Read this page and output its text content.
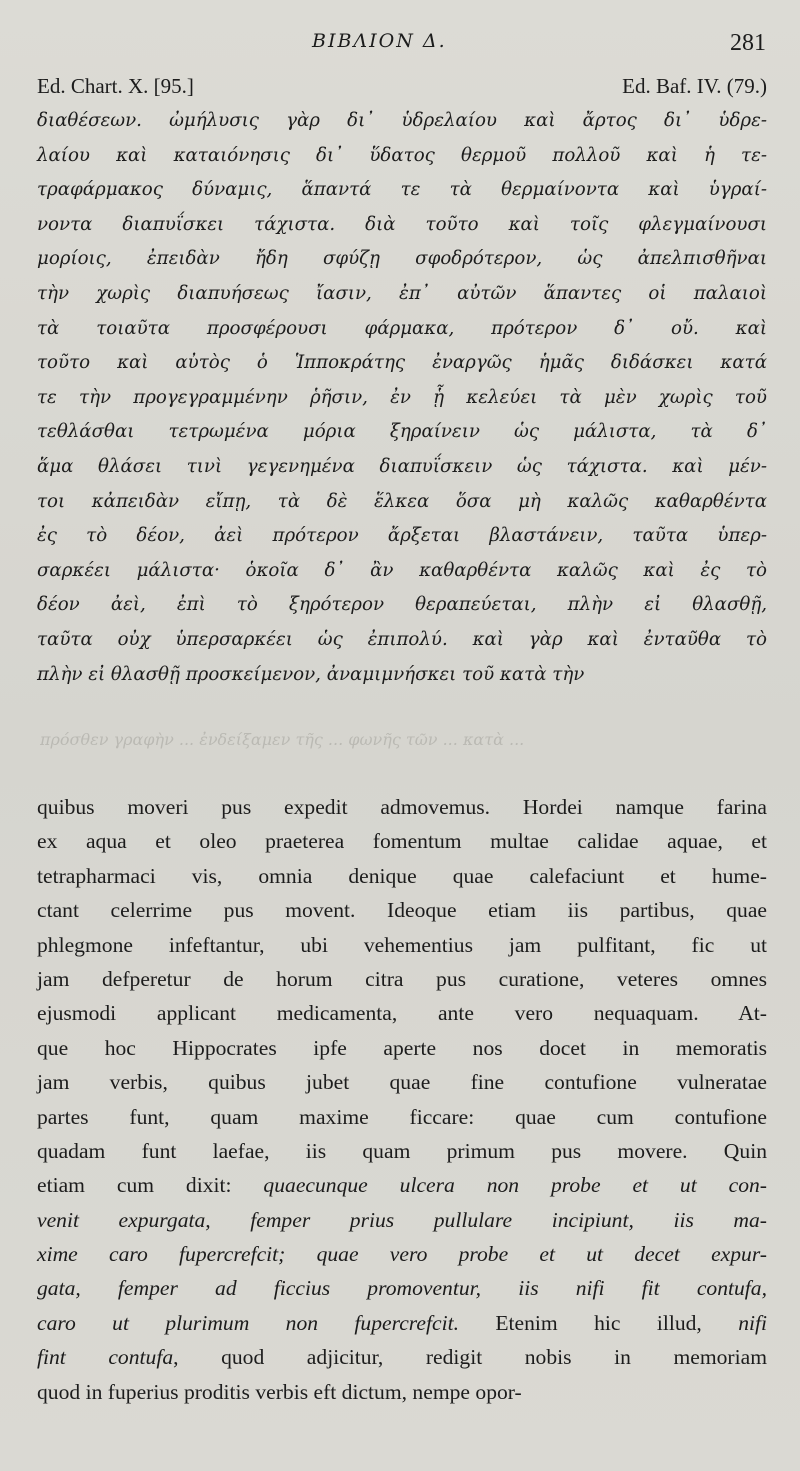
ΒΙΒΛΙΟΝ Δ.	281
Ed. Chart. X. [95.]	Ed. Baf. IV. (79.)
διαθέσεων. ὠμήλυσις γὰρ δι᾽ ὑδρελαίου καὶ ἄρτος δι᾽ ὑδρε-
λαίου καὶ καταιόνησις δι᾽ ὕδατος θερμοῦ πολλοῦ καὶ ἡ τε-
τραφάρμακος δύναμις, ἅπαντά τε τὰ θερμαίνοντα καὶ ὑγραί-
νοντα διαπυΐσκει τάχιστα. διὰ τοῦτο καὶ τοῖς φλεγμαίνουσι
μορίοις, ἐπειδὰν ἤδη σφύζῃ σφοδρότερον, ὡς ἀπελπισθῆναι
τὴν χωρὶς διαπυήσεως ἴασιν, ἐπ᾽ αὐτῶν ἅπαντες οἱ παλαιοὶ
τὰ τοιαῦτα προσφέρουσι φάρμακα, πρότερον δ᾽ οὔ. καὶ
τοῦτο καὶ αὐτὸς ὁ Ἱπποκράτης ἐναργῶς ἡμᾶς διδάσκει κατά
τε τὴν προγεγραμμένην ῥῆσιν, ἐν ᾗ κελεύει τὰ μὲν χωρὶς τοῦ
τεθλάσθαι τετρωμένα μόρια ξηραίνειν ὡς μάλιστα, τὰ δ᾽
ἅμα θλάσει τινὶ γεγενημένα διαπυΐσκειν ὡς τάχιστα. καὶ μέν-
τοι κἀπειδὰν εἴπῃ, τὰ δὲ ἕλκεα ὅσα μὴ καλῶς καθαρθέντα
ἐς τὸ δέον, ἀεὶ πρότερον ἄρξεται βλαστάνειν, ταῦτα ὑπερ-
σαρκέει μάλιστα· ὁκοῖα δ᾽ ἂν καθαρθέντα καλῶς καὶ ἐς τὸ
δέον ἀεὶ, ἐπὶ τὸ ξηρότερον θεραπεύεται, πλὴν εἰ θλασθῇ,
ταῦτα οὐχ ὑπερσαρκέει ὡς ἐπιπολύ. καὶ γὰρ καὶ ἐνταῦθα τὸ
πλὴν εἰ θλασθῇ προσκείμενον, ἀναμιμνήσκει τοῦ κατὰ τὴν
πρόσθεν γραφὴν ... ἐνδείξαμεν τῆς ... φωνῆς τῶν ... κατὰ ...
quibus moveri pus expedit admovemus. Hordei namque farina
ex aqua et oleo praeterea fomentum multae calidae aquae, et
tetrapharmaci vis, omnia denique quae calefaciunt et hume-
ctant celerrime pus movent. Ideoque etiam iis partibus, quae
phlegmone infeftantur, ubi vehementius jam pulfitant, fic ut
jam defperetur de horum citra pus curatione, veteres omnes
ejusmodi applicant medicamenta, ante vero nequaquam. At-
que hoc Hippocrates ipfe aperte nos docet in memoratis
jam verbis, quibus jubet quae fine contufione vulneratae
partes funt, quam maxime ficcare: quae cum contufione
quadam funt laefae, iis quam primum pus movere. Quin
etiam cum dixit: quaecunque ulcera non probe et ut con-
venit expurgata, femper prius pullulare incipiunt, iis ma-
xime caro fupercrefcit; quae vero probe et ut decet expur-
gata, femper ad ficcius promoventur, iis nifi fit contufa,
caro ut plurimum non fupercrefcit. Etenim hic illud, nifi
fint contufa, quod adjicitur, redigit nobis in memoriam
quod in fuperius proditis verbis eft dictum, nempe opor-
